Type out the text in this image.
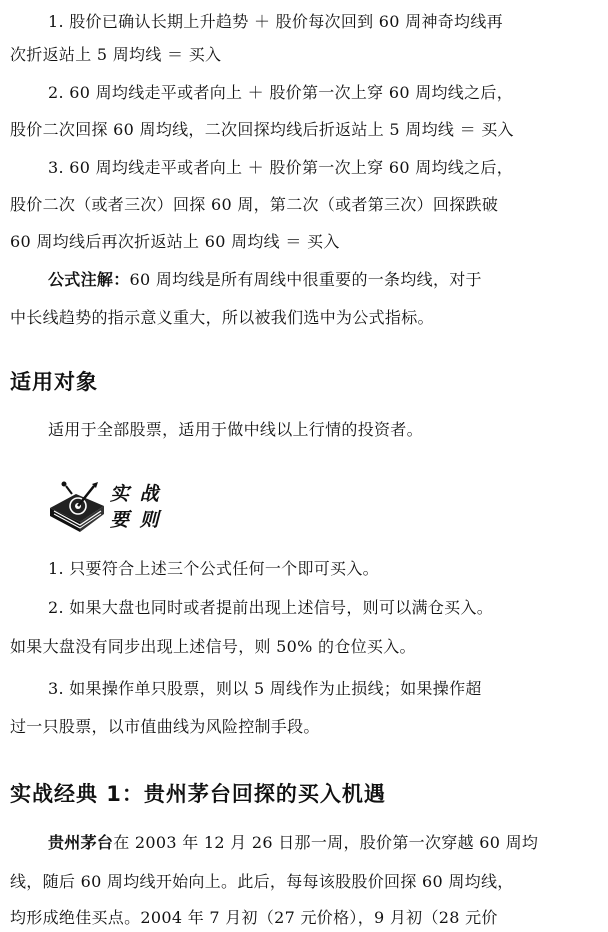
1. 股价已确认长期上升趋势 ＋ 股价每次回到 60 周神奇均线再
次折返站上 5 周均线 ＝ 买入
2. 60 周均线走平或者向上 ＋ 股价第一次上穿 60 周均线之后，
股价二次回探 60 周均线，二次回探均线后折返站上 5 周均线 ＝ 买入
3. 60 周均线走平或者向上 ＋ 股价第一次上穿 60 周均线之后，
股价二次（或者三次）回探 60 周，第二次（或者第三次）回探跌破
60 周均线后再次折返站上 60 周均线 ＝ 买入
公式注解：60 周均线是所有周线中很重要的一条均线，对于
中长线趋势的指示意义重大，所以被我们选中为公式指标。
适用对象
适用于全部股票，适用于做中线以上行情的投资者。
实 战
要 则
1. 只要符合上述三个公式任何一个即可买入。
2. 如果大盘也同时或者提前出现上述信号，则可以满仓买入。
如果大盘没有同步出现上述信号，则 50% 的仓位买入。
3. 如果操作单只股票，则以 5 周线作为止损线；如果操作超
过一只股票，以市值曲线为风险控制手段。
实战经典 1：贵州茅台回探的买入机遇
贵州茅台在 2003 年 12 月 26 日那一周，股价第一次穿越 60 周均
线，随后 60 周均线开始向上。此后，每每该股股价回探 60 周均线，
均形成绝佳买点。2004 年 7 月初（27 元价格），9 月初（28 元价
